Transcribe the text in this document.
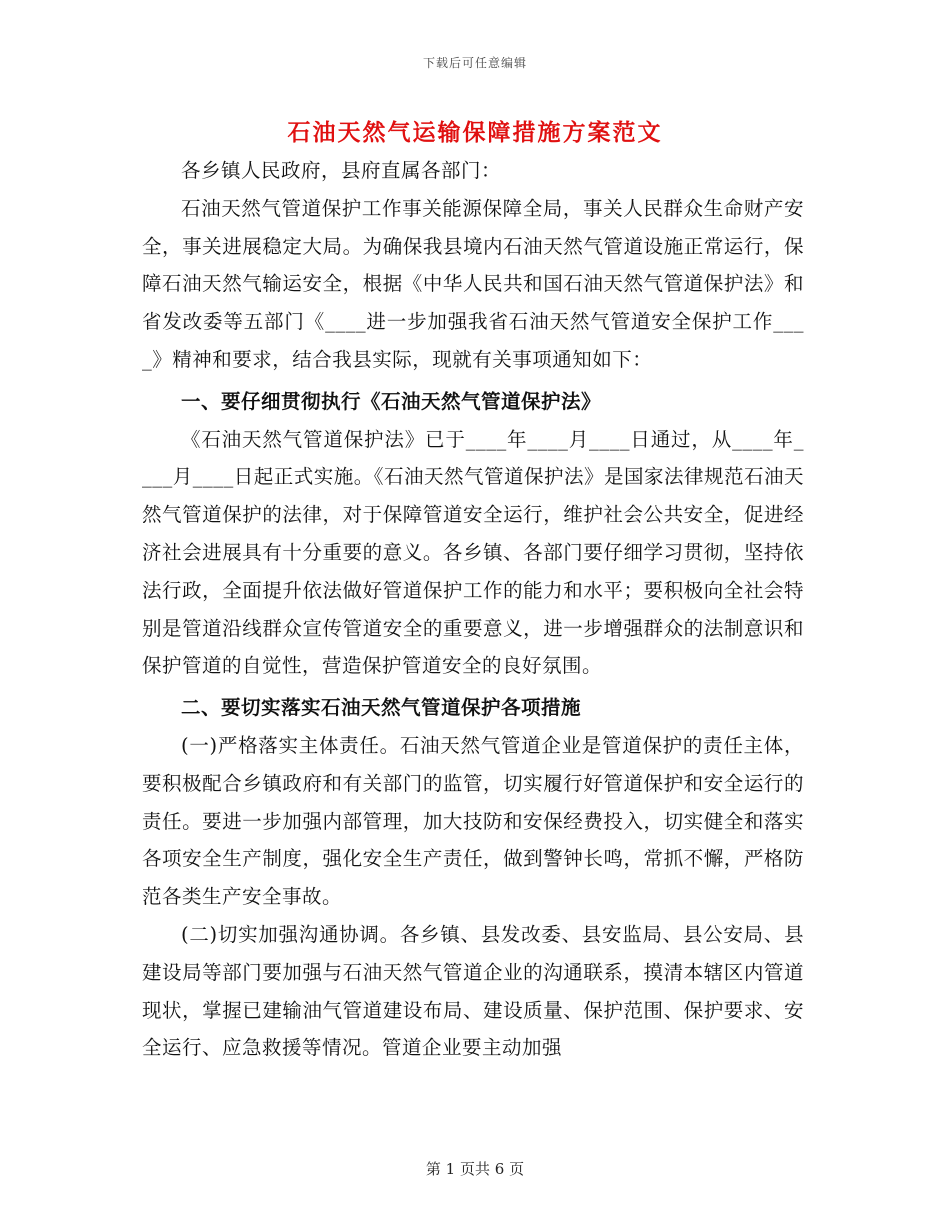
下载后可任意编辑
石油天然气运输保障措施方案范文

各乡镇人民政府，县府直属各部门：

石油天然气管道保护工作事关能源保障全局，事关人民群众生命财产安全，事关进展稳定大局。为确保我县境内石油天然气管道设施正常运行，保障石油天然气输运安全，根据《中华人民共和国石油天然气管道保护法》和省发改委等五部门《____进一步加强我省石油天然气管道安全保护工作____》精神和要求，结合我县实际，现就有关事项通知如下：

一、要仔细贯彻执行《石油天然气管道保护法》

《石油天然气管道保护法》已于____年____月____日通过，从____年____月____日起正式实施。《石油天然气管道保护法》是国家法律规范石油天然气管道保护的法律，对于保障管道安全运行，维护社会公共安全，促进经济社会进展具有十分重要的意义。各乡镇、各部门要仔细学习贯彻，坚持依法行政，全面提升依法做好管道保护工作的能力和水平；要积极向全社会特别是管道沿线群众宣传管道安全的重要意义，进一步增强群众的法制意识和保护管道的自觉性，营造保护管道安全的良好氛围。

二、要切实落实石油天然气管道保护各项措施

(一)严格落实主体责任。石油天然气管道企业是管道保护的责任主体，要积极配合乡镇政府和有关部门的监管，切实履行好管道保护和安全运行的责任。要进一步加强内部管理，加大技防和安保经费投入，切实健全和落实各项安全生产制度，强化安全生产责任，做到警钟长鸣，常抓不懈，严格防范各类生产安全事故。

(二)切实加强沟通协调。各乡镇、县发改委、县安监局、县公安局、县建设局等部门要加强与石油天然气管道企业的沟通联系，摸清本辖区内管道现状，掌握已建输油气管道建设布局、建设质量、保护范围、保护要求、安全运行、应急救援等情况。管道企业要主动加强

第 1 页共 6 页
